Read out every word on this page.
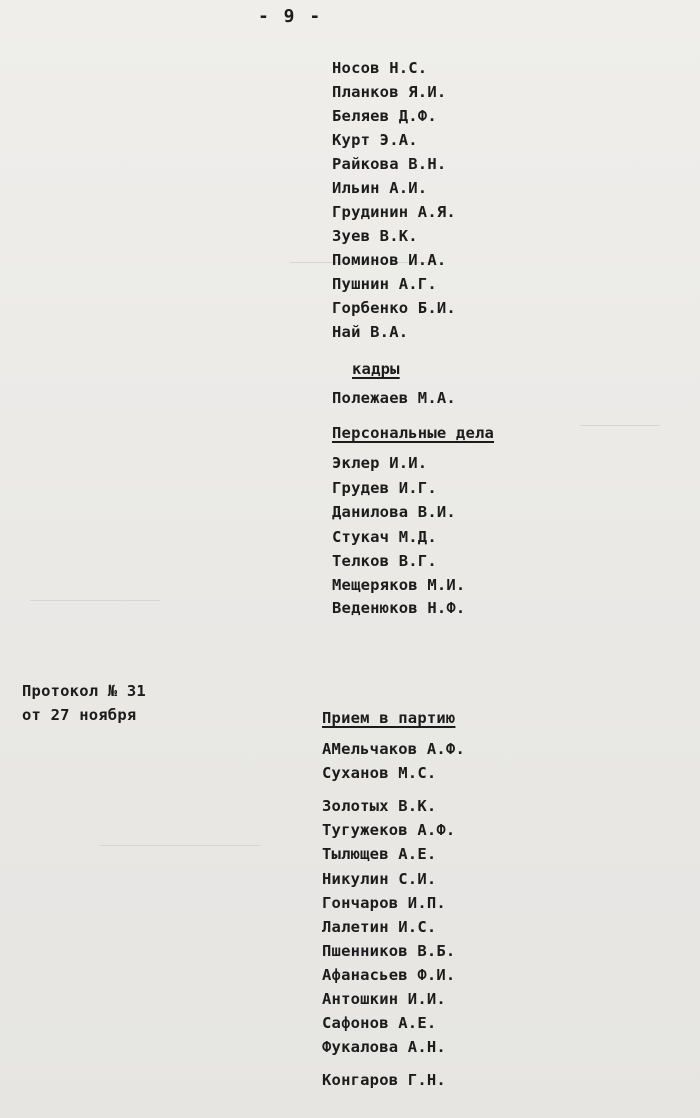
- 9 -
Носов Н.С.
Планков Я.И.
Беляев Д.Ф.
Курт Э.А.
Райкова В.Н.
Ильин А.И.
Грудинин А.Я.
Зуев В.К.
Поминов И.А.
Пушнин А.Г.
Горбенко Б.И.
Най В.А.
кадры
Полежаев М.А.
Персональные дела
Эклер И.И.
Грудев И.Г.
Данилова В.И.
Стукач М.Д.
Телков В.Г.
Мещеряков М.И.
Веденюков Н.Ф.
Протокол № 31
от 27 ноября	Прием в партию
АМельчаков А.Ф.
Суханов М.С.
Золотых В.К.
Тугужеков А.Ф.
Тылющев А.Е.
Никулин С.И.
Гончаров И.П.
Лалетин И.С.
Пшенников В.Б.
Афанасьев Ф.И.
Антошкин И.И.
Сафонов А.Е.
Фукалова А.Н.
Конгаров Г.Н.
